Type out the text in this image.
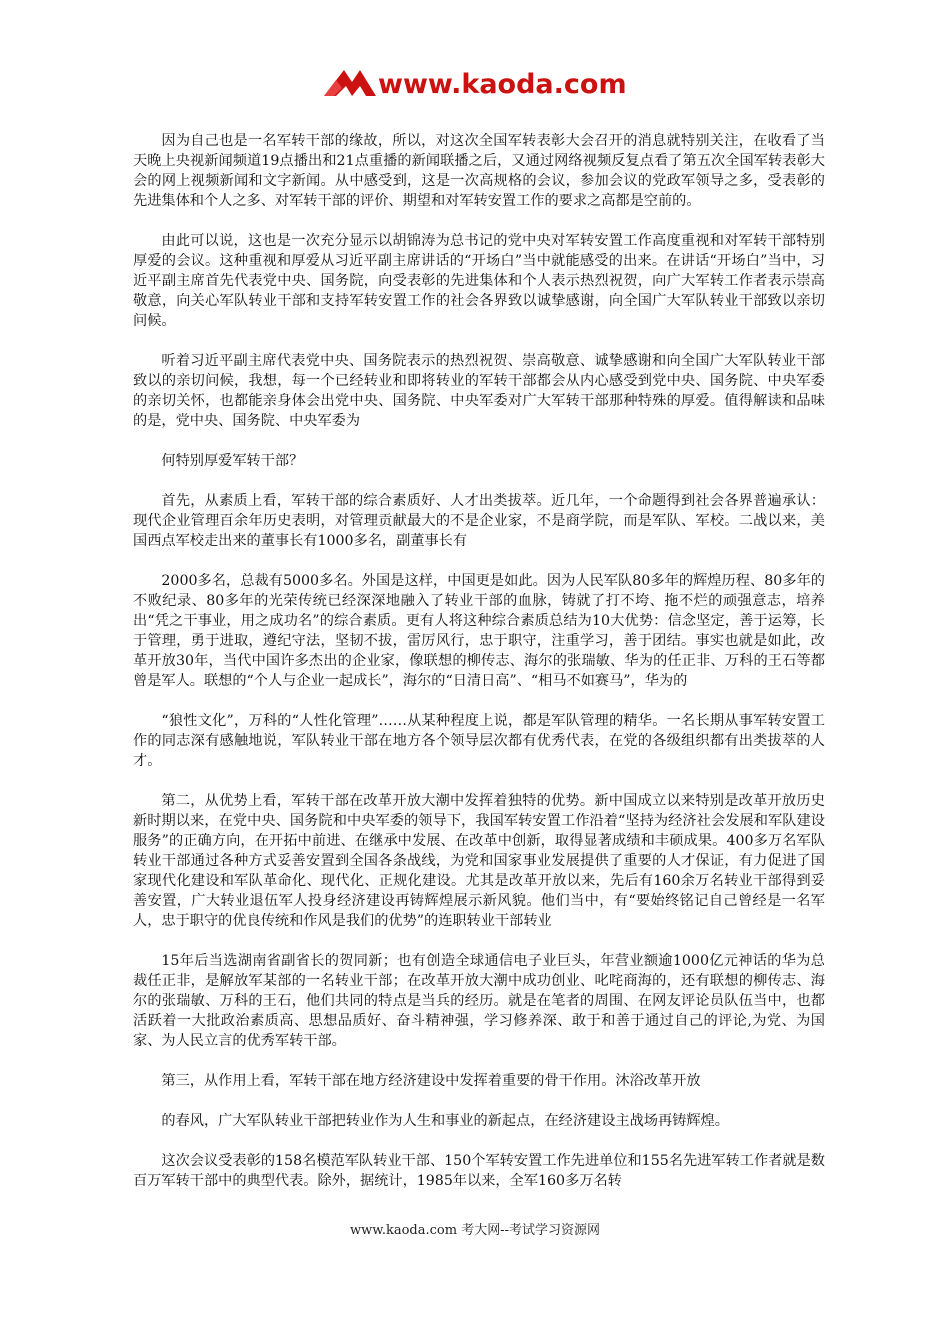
www.kaoda.com

因为自己也是一名军转干部的缘故，所以，对这次全国军转表彰大会召开的消息就特别关注，在收看了当天晚上央视新闻频道19点播出和21点重播的新闻联播之后，又通过网络视频反复点看了第五次全国军转表彰大会的网上视频新闻和文字新闻。从中感受到，这是一次高规格的会议，参加会议的党政军领导之多，受表彰的先进集体和个人之多、对军转干部的评价、期望和对军转安置工作的要求之高都是空前的。

由此可以说，这也是一次充分显示以胡锦涛为总书记的党中央对军转安置工作高度重视和对军转干部特别厚爱的会议。这种重视和厚爱从习近平副主席讲话的“开场白”当中就能感受的出来。在讲话“开场白”当中，习近平副主席首先代表党中央、国务院，向受表彰的先进集体和个人表示热烈祝贺，向广大军转工作者表示崇高敬意，向关心军队转业干部和支持军转安置工作的社会各界致以诚挚感谢，向全国广大军队转业干部致以亲切问候。

听着习近平副主席代表党中央、国务院表示的热烈祝贺、崇高敬意、诚挚感谢和向全国广大军队转业干部致以的亲切问候，我想，每一个已经转业和即将转业的军转干部都会从内心感受到党中央、国务院、中央军委的亲切关怀，也都能亲身体会出党中央、国务院、中央军委对广大军转干部那种特殊的厚爱。值得解读和品味的是，党中央、国务院、中央军委为

何特别厚爱军转干部？

首先，从素质上看，军转干部的综合素质好、人才出类拔萃。近几年，一个命题得到社会各界普遍承认：现代企业管理百余年历史表明，对管理贡献最大的不是企业家，不是商学院，而是军队、军校。二战以来，美国西点军校走出来的董事长有1000多名，副董事长有

2000多名，总裁有5000多名。外国是这样，中国更是如此。因为人民军队80多年的辉煌历程、80多年的不败纪录、80多年的光荣传统已经深深地融入了转业干部的血脉，铸就了打不垮、拖不烂的顽强意志，培养出“凭之干事业，用之成功名”的综合素质。更有人将这种综合素质总结为10大优势：信念坚定，善于运筹，长于管理，勇于进取，遵纪守法，坚韧不拔，雷厉风行，忠于职守，注重学习，善于团结。事实也就是如此，改革开放30年，当代中国许多杰出的企业家，像联想的柳传志、海尔的张瑞敏、华为的任正非、万科的王石等都曾是军人。联想的“个人与企业一起成长”，海尔的“日清日高”、“相马不如赛马”，华为的

“狼性文化”，万科的“人性化管理”……从某种程度上说，都是军队管理的精华。一名长期从事军转安置工作的同志深有感触地说，军队转业干部在地方各个领导层次都有优秀代表，在党的各级组织都有出类拔萃的人才。

第二，从优势上看，军转干部在改革开放大潮中发挥着独特的优势。新中国成立以来特别是改革开放历史新时期以来，在党中央、国务院和中央军委的领导下，我国军转安置工作沿着“坚持为经济社会发展和军队建设服务”的正确方向，在开拓中前进、在继承中发展、在改革中创新，取得显著成绩和丰硕成果。400多万名军队转业干部通过各种方式妥善安置到全国各条战线，为党和国家事业发展提供了重要的人才保证，有力促进了国家现代化建设和军队革命化、现代化、正规化建设。尤其是改革开放以来，先后有160余万名转业干部得到妥善安置，广大转业退伍军人投身经济建设再铸辉煌展示新风貌。他们当中，有“要始终铭记自己曾经是一名军人，忠于职守的优良传统和作风是我们的优势”的连职转业干部转业

15年后当选湖南省副省长的贺同新；也有创造全球通信电子业巨头，年营业额逾1000亿元神话的华为总裁任正非，是解放军某部的一名转业干部；在改革开放大潮中成功创业、叱咤商海的，还有联想的柳传志、海尔的张瑞敏、万科的王石，他们共同的特点是当兵的经历。就是在笔者的周围、在网友评论员队伍当中，也都活跃着一大批政治素质高、思想品质好、奋斗精神强，学习修养深、敢于和善于通过自己的评论,为党、为国家、为人民立言的优秀军转干部。

第三，从作用上看，军转干部在地方经济建设中发挥着重要的骨干作用。沐浴改革开放

的春风，广大军队转业干部把转业作为人生和事业的新起点，在经济建设主战场再铸辉煌。

这次会议受表彰的158名模范军队转业干部、150个军转安置工作先进单位和155名先进军转工作者就是数百万军转干部中的典型代表。除外，据统计，1985年以来，全军160多万名转

www.kaoda.com 考大网--考试学习资源网
